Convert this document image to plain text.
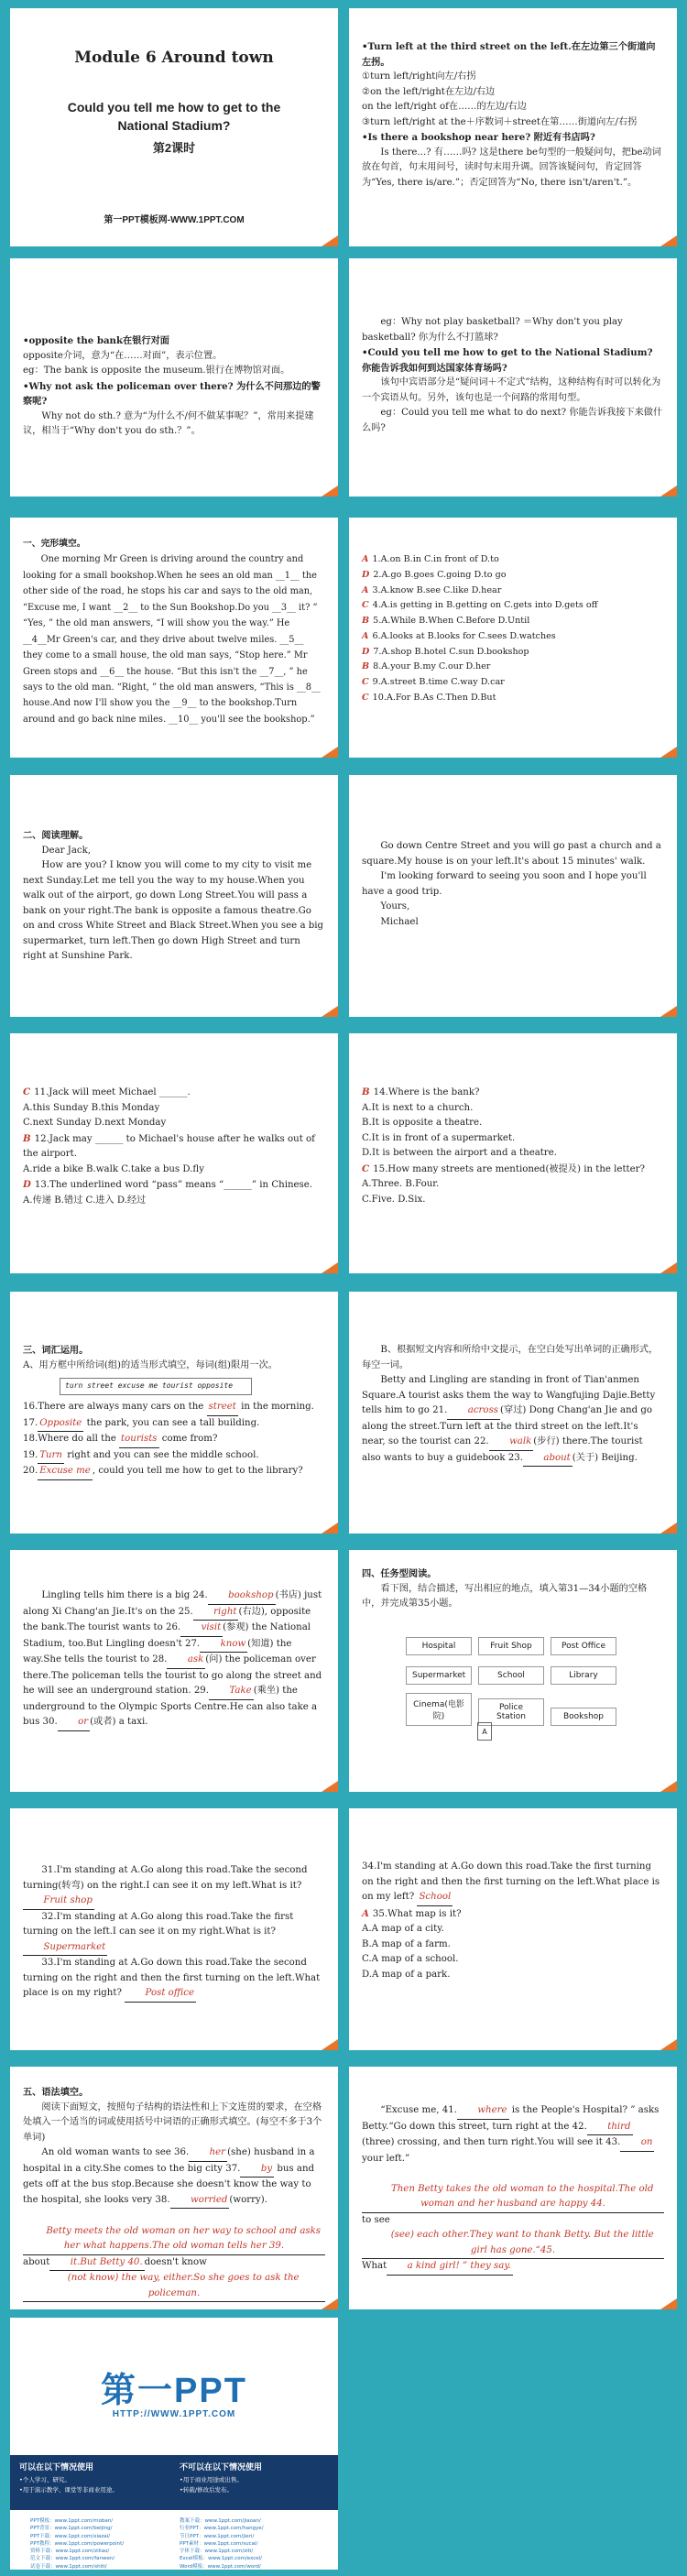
Module 6 Around town
Could you tell me how to get to the
National Stadium?
第2课时
第一PPT模板网-WWW.1PPT.COM
•Turn left at the third street on the left.在左边第三个街道向左拐。
①turn left/right向左/右拐
②on the left/right在左边/右边
on the left/right of在……的左边/右边
③turn left/right at the＋序数词＋street在第……街道向左/右拐
•Is there a bookshop near here? 附近有书店吗?
Is there...? 有……吗? 这是there be句型的一般疑问句，把be动词放在句首，句末用问号，读时句末用升调。回答该疑问句，肯定回答为“Yes, there is/are.”；否定回答为“No, there isn't/aren't.”。
•opposite the bank在银行对面
opposite介词，意为“在……对面”，表示位置。
eg：The bank is opposite the museum.银行在博物馆对面。
•Why not ask the policeman over there? 为什么不问那边的警察呢?
Why not do sth.? 意为“为什么不/何不做某事呢？”，常用来提建议，相当于“Why don't you do sth.？”。
eg：Why not play basketball? ＝Why don't you play basketball? 你为什么不打篮球?
•Could you tell me how to get to the National Stadium? 你能告诉我如何到达国家体育场吗?
该句中宾语部分是“疑问词＋不定式”结构，这种结构有时可以转化为一个宾语从句。另外，该句也是一个问路的常用句型。
eg：Could you tell me what to do next? 你能告诉我接下来做什么吗?
一、完形填空。
One morning Mr Green is driving around the country and looking for a small bookshop.When he sees an old man __1__ the other side of the road, he stops his car and says to the old man, “Excuse me, I want __2__ to the Sun Bookshop.Do you __3__ it? ” “Yes, ” the old man answers, “I will show you the way.” He __4__Mr Green's car, and they drive about twelve miles. __5__ they come to a small house, the old man says, “Stop here.” Mr Green stops and __6__ the house. “But this isn't the __7__, ” he says to the old man. “Right, ” the old man answers, “This is __8__ house.And now I'll show you the __9__ to the bookshop.Turn around and go back nine miles. __10__ you'll see the bookshop.”
A 1.A.on B.in C.in front of D.to
D 2.A.go B.goes C.going D.to go
A 3.A.know B.see C.like D.hear
C 4.A.is getting in B.getting on C.gets into D.gets off
B 5.A.While B.When C.Before D.Until
A 6.A.looks at B.looks for C.sees D.watches
D 7.A.shop B.hotel C.sun D.bookshop
B 8.A.your B.my C.our D.her
C 9.A.street B.time C.way D.car
C 10.A.For B.As C.Then D.But
二、阅读理解。
Dear Jack,
How are you? I know you will come to my city to visit me next Sunday.Let me tell you the way to my house.When you walk out of the airport, go down Long Street.You will pass a bank on your right.The bank is opposite a famous theatre.Go on and cross White Street and Black Street.When you see a big supermarket, turn left.Then go down High Street and turn right at Sunshine Park.
Go down Centre Street and you will go past a church and a square.My house is on your left.It's about 15 minutes' walk.
I'm looking forward to seeing you soon and I hope you'll have a good trip.
Yours,
Michael
C 11.Jack will meet Michael ______.
A.this Sunday B.this Monday
C.next Sunday D.next Monday
B 12.Jack may ______ to Michael's house after he walks out of the airport.
A.ride a bike B.walk C.take a bus D.fly
D 13.The underlined word “pass” means “______” in Chinese.
A.传递 B.错过 C.进入 D.经过
B 14.Where is the bank?
A.It is next to a church.
B.It is opposite a theatre.
C.It is in front of a supermarket.
D.It is between the airport and a theatre.
C 15.How many streets are mentioned(被提及) in the letter?
A.Three. B.Four.
C.Five. D.Six.
三、词汇运用。
A、用方框中所给词(组)的适当形式填空，每词(组)限用一次。
turn street excuse me tourist opposite
16.There are always many cars on the street in the morning.
17. Opposite the park, you can see a tall building.
18.Where do all the tourists come from?
19. Turn right and you can see the middle school.
20. Excuse me , could you tell me how to get to the library?
B、根据短文内容和所给中文提示，在空白处写出单词的正确形式，每空一词。
Betty and Lingling are standing in front of Tian'anmen Square.A tourist asks them the way to Wangfujing Dajie.Betty tells him to go 21. across (穿过) Dong Chang'an Jie and go along the street.Turn left at the third street on the left.It's near, so the tourist can 22. walk (步行) there.The tourist also wants to buy a guidebook 23. about (关于) Beijing.
Lingling tells him there is a big 24. bookshop (书店) just along Xi Chang'an Jie.It's on the 25. right (右边), opposite the bank.The tourist wants to 26. visit (参观) the National Stadium, too.But Lingling doesn't 27. know (知道) the way.She tells the tourist to 28. ask (问) the policeman over there.The policeman tells the tourist to go along the street and he will see an underground station. 29. Take (乘坐) the underground to the Olympic Sports Centre.He can also take a bus 30. or (或者) a taxi.
四、任务型阅读。
看下图，结合描述，写出相应的地点，填入第31—34小题的空格中，并完成第35小题。
Hospital	Fruit Shop	Post Office Supermarket	School	Library Cinema(电影院)Police Station	Bookshop
A
31.I'm standing at A.Go along this road.Take the second turning(转弯) on the right.I can see it on my left.What is it? Fruit shop
32.I'm standing at A.Go along this road.Take the first turning on the left.I can see it on my right.What is it? Supermarket
33.I'm standing at A.Go down this road.Take the second turning on the right and then the first turning on the left.What place is on my right? Post office
34.I'm standing at A.Go down this road.Take the first turning on the right and then the first turning on the left.What place is on my left? School
A 35.What map is it?
A.A map of a city.
B.A map of a farm.
C.A map of a school.
D.A map of a park.
五、语法填空。
阅读下面短文，按照句子结构的语法性和上下文连贯的要求，在空格处填入一个适当的词或使用括号中词语的正确形式填空。(每空不多于3个单词)
An old woman wants to see 36. her (she) husband in a hospital in a city.She comes to the big city 37. by bus and gets off at the bus stop.Because she doesn't know the way to the hospital, she looks very 38. worried (worry).
　　Betty meets the old woman on her way to school and asks her what happens.The old woman tells her 39.aboutit.But Betty 40. doesn't know(not know) the way, either.So she goes to ask the policeman.
“Excuse me, 41. where is the People's Hospital? ” asks Betty.“Go down this street, turn right at the 42. third(three) crossing, and then turn right.You will see it 43. on your left.”
　　Then Betty takes the old woman to the hospital.The old woman and her husband are happy 44.to see(see) each other.They want to thank Betty. But the little girl has gone.“45.Whata kind girl! ” they say.
第一PPT
HTTP://WWW.1PPT.COM
可以在以下情况使用
•个人学习、研究。
•用于演示教学、课堂等非商业用途。
不可以在以下情况使用
•用于商业用途或出售。
•转载/修改后发布。
PPT模板：www.1ppt.com/moban/
PPT背景：www.1ppt.com/beijing/
PPT下载：www.1ppt.com/xiazai/
PPT教程：www.1ppt.com/powerpoint/
资料下载：www.1ppt.com/ziliao/
范文下载：www.1ppt.com/fanwen/
试卷下载：www.1ppt.com/shiti/
教案下载：www.1ppt.com/jiaoan/
行业PPT：www.1ppt.com/hangye/
节日PPT：www.1ppt.com/jieri/
PPT素材：www.1ppt.com/sucai/
字体下载：www.1ppt.com/ziti/
Excel模板：www.1ppt.com/excel/
Word模板：www.1ppt.com/word/
